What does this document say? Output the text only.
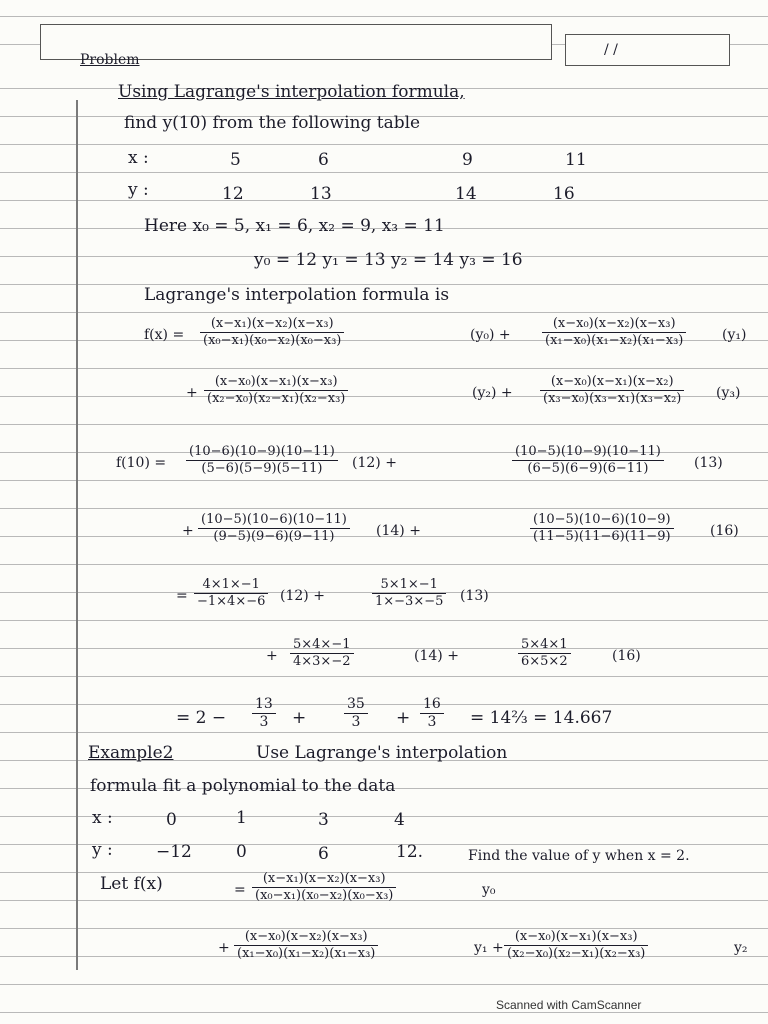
/ /
Problem
Using Lagrange's interpolation formula,
find y(10) from the following table
x :	5	6	9	11
y :	12	13	14	16
Here x₀ = 5, x₁ = 6, x₂ = 9, x₃ = 11
y₀ = 12 y₁ = 13 y₂ = 14 y₃ = 16
Lagrange's interpolation formula is
$f(x) = \frac{\text{(x−x₁)(x−x₂)(x−x₃)}}{\text{(x₀−x₁)(x₀−x₂)(x₀−x₃)}}$	$(y_0) + \frac{\text{(x−x₀)(x−x₂)(x−x₃)}}{\text{(x₁−x₀)(x₁−x₂)(x₁−x₃)}}$	(y₁)
+ $\frac{\text{(x−x₀)(x−x₁)(x−x₃)}}{\text{(x₂−x₀)(x₂−x₁)(x₂−x₃)}}$	$(y_2) + \frac{\text{(x−x₀)(x−x₁)(x−x₂)}}{\text{(x₃−x₀)(x₃−x₁)(x₃−x₂)}} (y_3)$
$f(10) = \frac{(10-6)(10-9)(10-11)}{(5-6)(5-9)(5-11)} (12)$ +	$\frac{(10-5)(10-9)(10-11)}{(6-5)(6-9)(6-11)} (13)$
+ $\frac{(10-5)(10-6)(10-11)}{(9-5)(9-6)(9-11)} (14)$ +	$\frac{(10-5)(10-6)(10-9)}{(11-5)(11-6)(11-9)}$	(16)
= $\frac{4\times 1\times-1}{-1\times 4\times-6} (12)$ +	$\frac{5\times 1\times-1}{1\times-3\times-5} (13)$
+ $\frac{5\times 4\times-1}{4\times 3\times-2}$	(14) +	$\frac{5\times 4\times 1}{6\times 5\times 2}$	(16)
= $2 - \frac{13}{3}$ +	$\frac{35}{3} + \frac{16}{3}$ = 14⅔ = 14.667
Example2	Use Lagrange's interpolation
formula fit a polynomial to the data
x :	0	1	3	4
y :	−12	0	6	12.	Find the value of y when x = 2.
Let f(x)	= $\frac{\text{(x−x₁)(x−x₂)(x−x₃)}}{\text{(x₀−x₁)(x₀−x₂)(x₀−x₃)}}$	y₀
+ $\frac{\text{(x−x₀)(x−x₂)(x−x₃)}}{\text{(x₁−x₀)(x₁−x₂)(x₁−x₃)}}$	$y_1 + \frac{\text{(x−x₀)(x−x₁)(x−x₃)}}{\text{(x₂−x₀)(x₂−x₁)(x₂−x₃)}}$	y₂
Scanned with CamScanner
